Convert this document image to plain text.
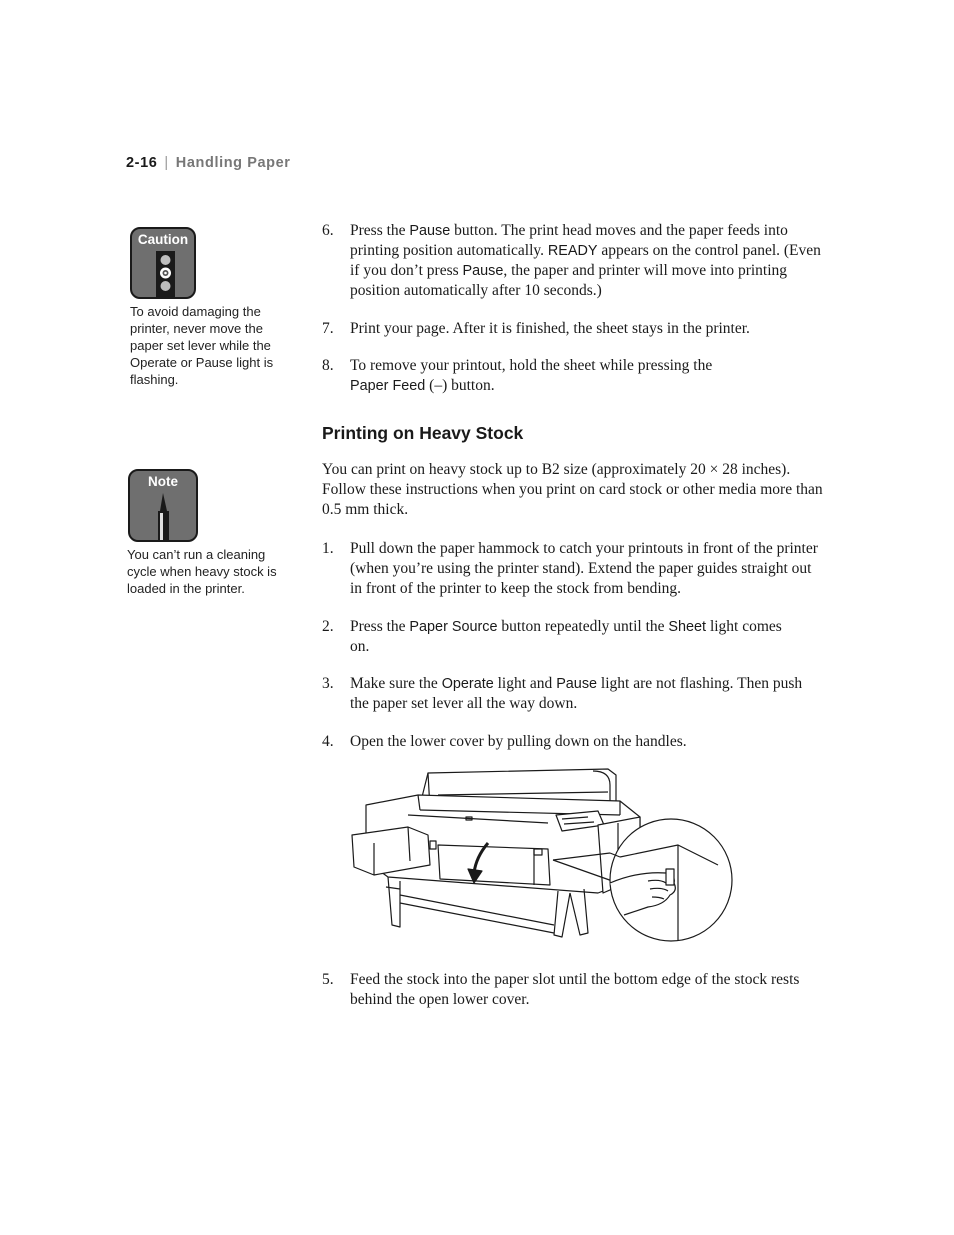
2-16 | Handling Paper
Caution
To avoid damaging the printer, never move the paper set lever while the Operate or Pause light is flashing.
Note
You can’t run a cleaning cycle when heavy stock is loaded in the printer.
6. Press the Pause button. The print head moves and the paper feeds into printing position automatically. READY appears on the control panel. (Even if you don’t press Pause, the paper and printer will move into printing position automatically after 10 seconds.)
7. Print your page. After it is finished, the sheet stays in the printer.
8. To remove your printout, hold the sheet while pressing the Paper Feed (–) button.
Printing on Heavy Stock
You can print on heavy stock up to B2 size (approximately 20 × 28 inches). Follow these instructions when you print on card stock or other media more than 0.5 mm thick.
1. Pull down the paper hammock to catch your printouts in front of the printer (when you’re using the printer stand). Extend the paper guides straight out in front of the printer to keep the stock from bending.
2. Press the Paper Source button repeatedly until the Sheet light comes on.
3. Make sure the Operate light and Pause light are not flashing. Then push the paper set lever all the way down.
4. Open the lower cover by pulling down on the handles.
5. Feed the stock into the paper slot until the bottom edge of the stock rests behind the open lower cover.
